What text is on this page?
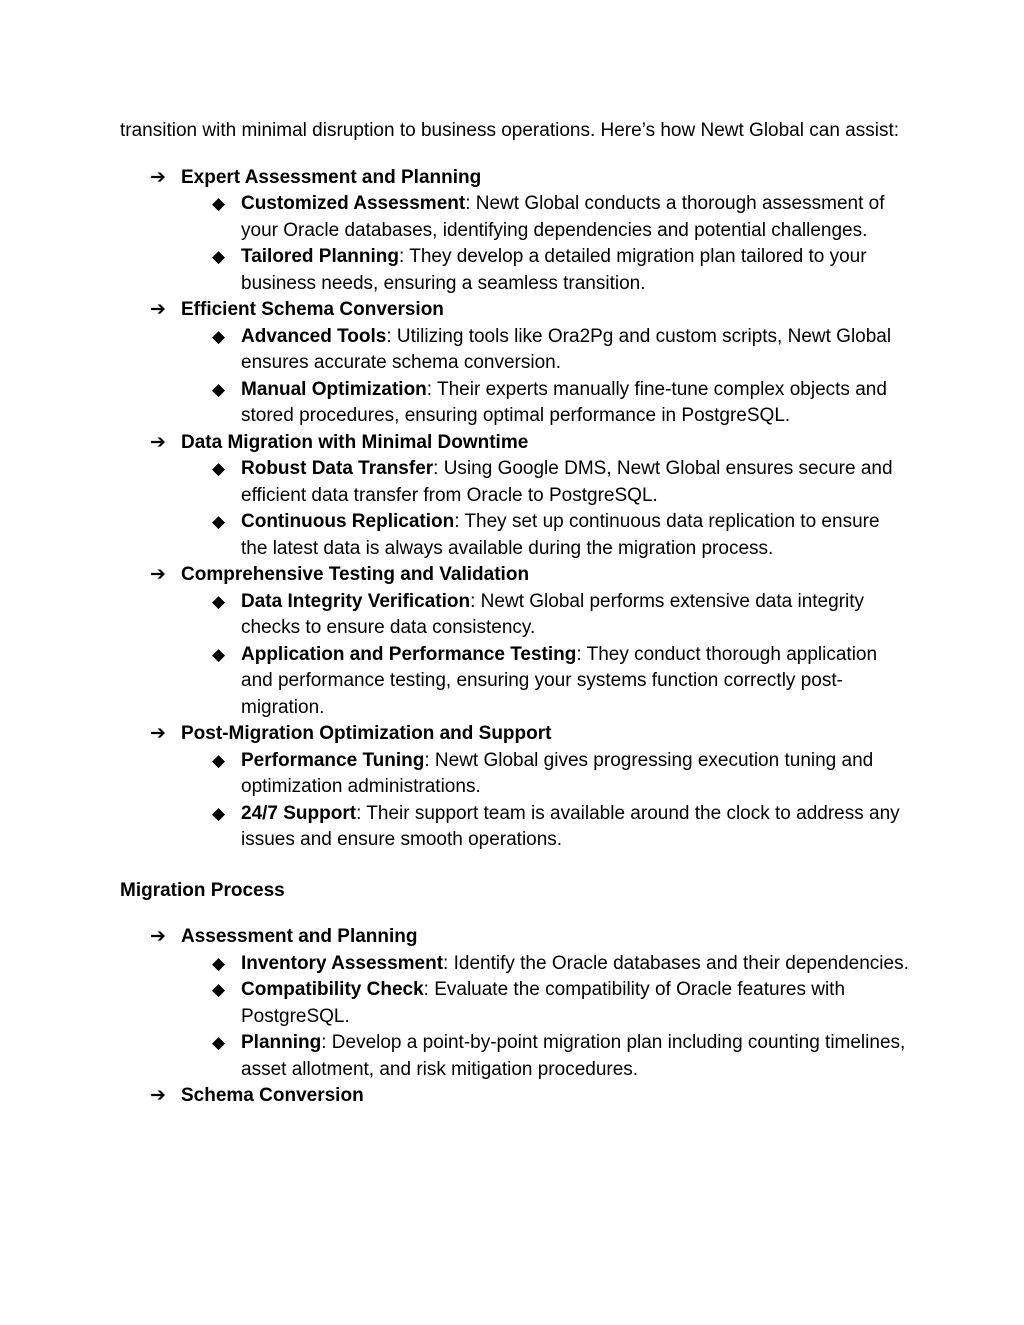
transition with minimal disruption to business operations. Here’s how Newt Global can assist:

➔ Expert Assessment and Planning
◆ Customized Assessment: Newt Global conducts a thorough assessment of your Oracle databases, identifying dependencies and potential challenges.
◆ Tailored Planning: They develop a detailed migration plan tailored to your business needs, ensuring a seamless transition.
➔ Efficient Schema Conversion
◆ Advanced Tools: Utilizing tools like Ora2Pg and custom scripts, Newt Global ensures accurate schema conversion.
◆ Manual Optimization: Their experts manually fine-tune complex objects and stored procedures, ensuring optimal performance in PostgreSQL.
➔ Data Migration with Minimal Downtime
◆ Robust Data Transfer: Using Google DMS, Newt Global ensures secure and efficient data transfer from Oracle to PostgreSQL.
◆ Continuous Replication: They set up continuous data replication to ensure the latest data is always available during the migration process.
➔ Comprehensive Testing and Validation
◆ Data Integrity Verification: Newt Global performs extensive data integrity checks to ensure data consistency.
◆ Application and Performance Testing: They conduct thorough application and performance testing, ensuring your systems function correctly post-migration.
➔ Post-Migration Optimization and Support
◆ Performance Tuning: Newt Global gives progressing execution tuning and optimization administrations.
◆ 24/7 Support: Their support team is available around the clock to address any issues and ensure smooth operations.

Migration Process

➔ Assessment and Planning
◆ Inventory Assessment: Identify the Oracle databases and their dependencies.
◆ Compatibility Check: Evaluate the compatibility of Oracle features with PostgreSQL.
◆ Planning: Develop a point-by-point migration plan including counting timelines, asset allotment, and risk mitigation procedures.
➔ Schema Conversion
